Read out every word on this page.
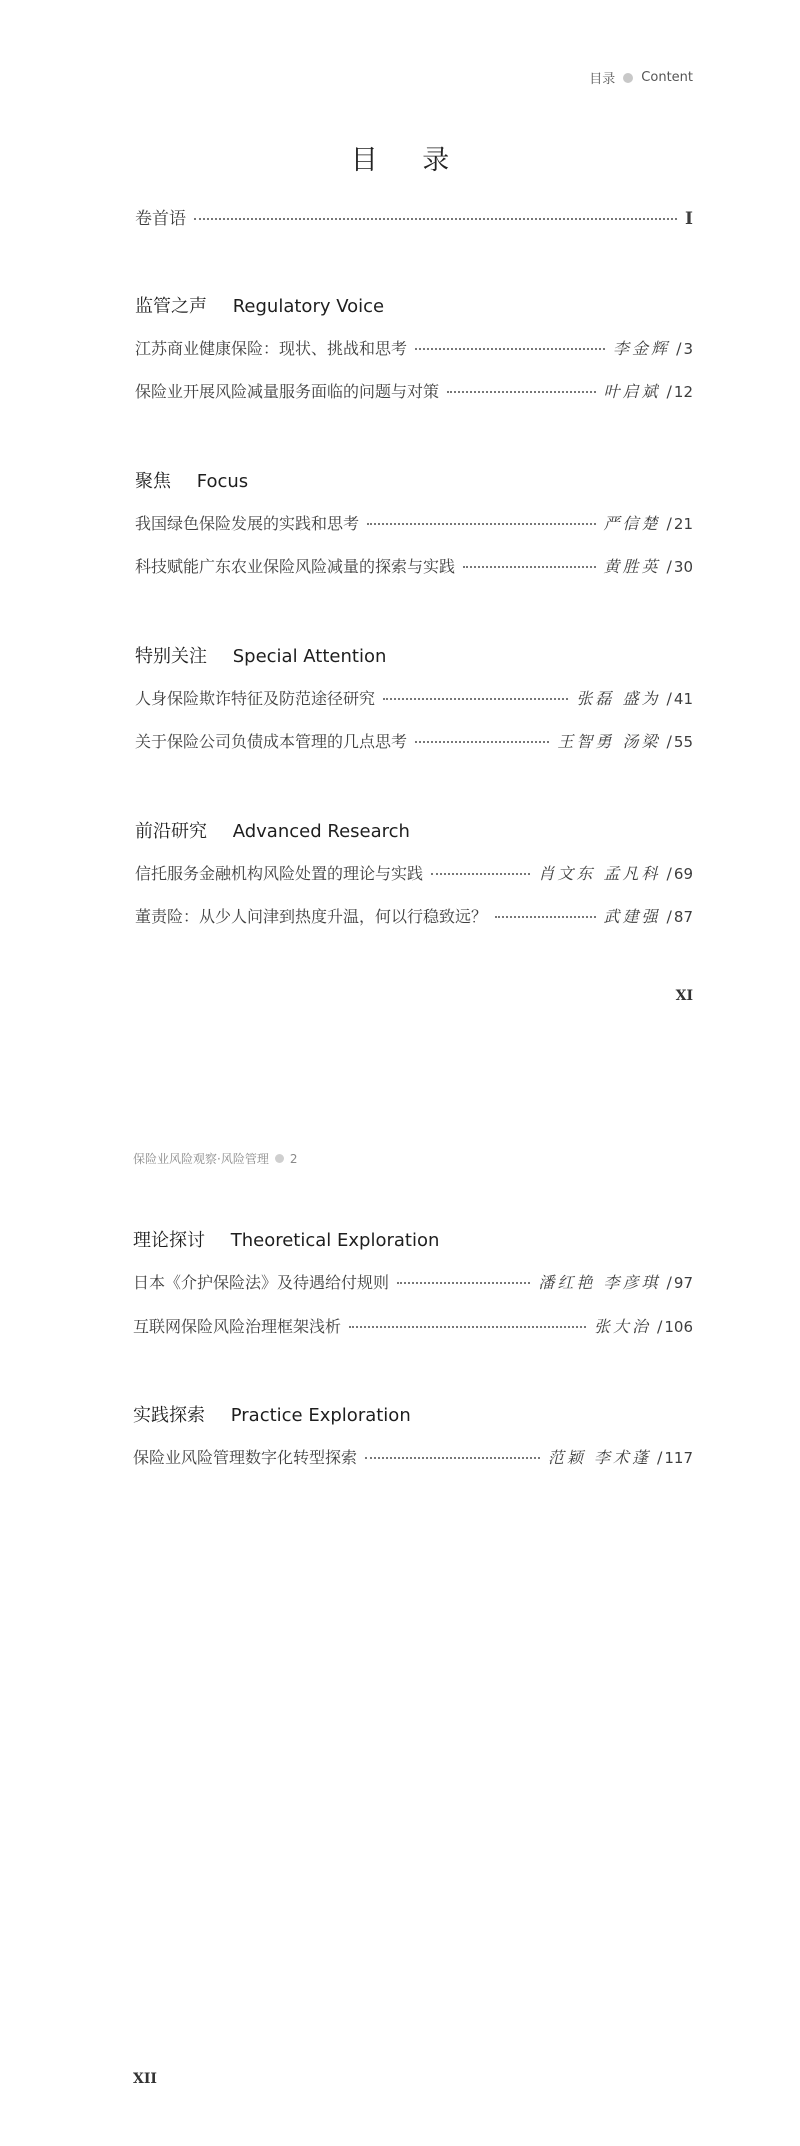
目录 Content
目 录
卷首语	I
监管之声 Regulatory Voice
江苏商业健康保险：现状、挑战和思考	李金辉 / 3
保险业开展风险减量服务面临的问题与对策	叶启斌 / 12
聚焦 Focus
我国绿色保险发展的实践和思考	严信楚 / 21
科技赋能广东农业保险风险减量的探索与实践	黄胜英 / 30
特别关注 Special Attention
人身保险欺诈特征及防范途径研究	张磊 盛为 / 41
关于保险公司负债成本管理的几点思考	王智勇 汤梁 / 55
前沿研究 Advanced Research
信托服务金融机构风险处置的理论与实践	肖文东 孟凡科 / 69
董责险：从少人问津到热度升温，何以行稳致远？	武建强 / 87
XI
保险业风险观察·风险管理 2
理论探讨 Theoretical Exploration
日本《介护保险法》及待遇给付规则	潘红艳 李彦琪 / 97
互联网保险风险治理框架浅析	张大治 / 106
实践探索 Practice Exploration
保险业风险管理数字化转型探索	范颖 李术蓬 / 117
XII
